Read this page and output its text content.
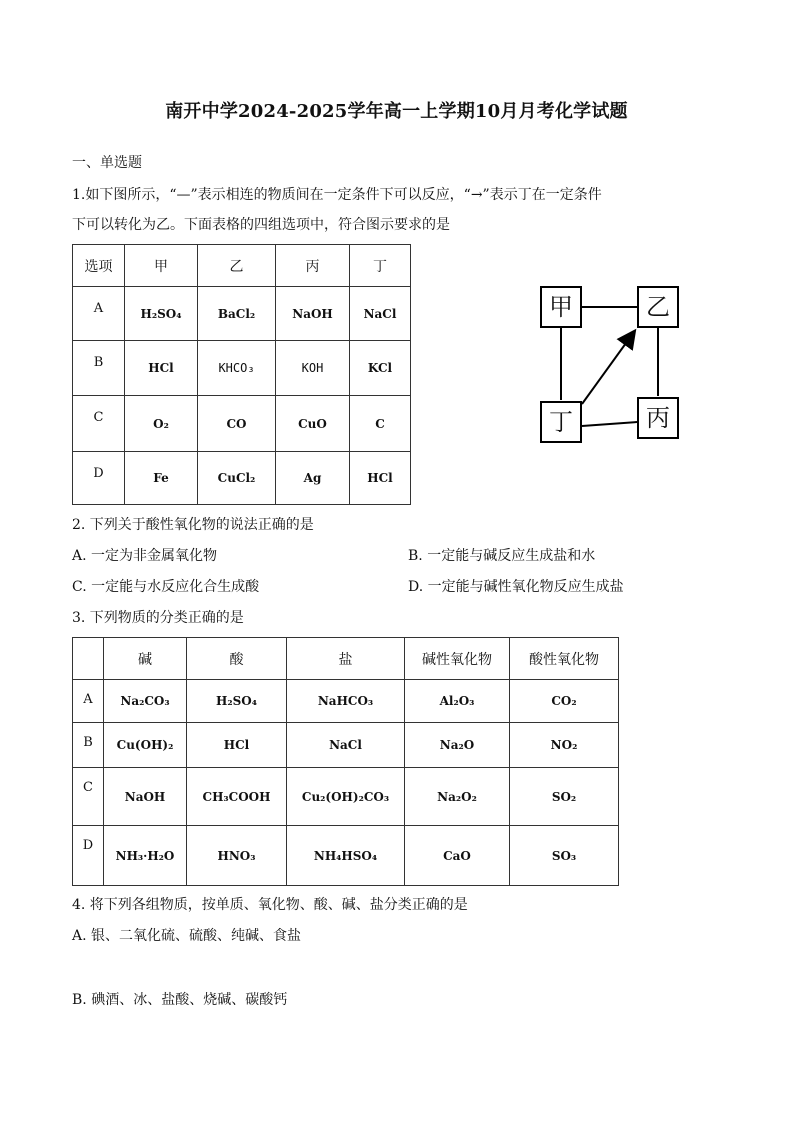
南开中学2024-2025学年高一上学期10月月考化学试题
一、单选题
1.如下图所示，“—”表示相连的物质间在一定条件下可以反应，“→”表示丁在一定条件
下可以转化为乙。下面表格的四组选项中，符合图示要求的是
选项	甲	乙	丙	丁
A	H₂SO₄	BaCl₂	NaOH	NaCl
B	HCl	KHCO₃	KOH	KCl
C	O₂	CO	CuO	C
D	Fe	CuCl₂	Ag	HCl
甲	乙
丁	丙
2. 下列关于酸性氧化物的说法正确的是
A. 一定为非金属氧化物	B. 一定能与碱反应生成盐和水
C. 一定能与水反应化合生成酸	D. 一定能与碱性氧化物反应生成盐
3. 下列物质的分类正确的是
	碱	酸	盐	碱性氧化物	酸性氧化物
A	Na₂CO₃	H₂SO₄	NaHCO₃	Al₂O₃	CO₂
B	Cu(OH)₂	HCl	NaCl	Na₂O	NO₂
C	NaOH	CH₃COOH	Cu₂(OH)₂CO₃	Na₂O₂	SO₂
D	NH₃·H₂O	HNO₃	NH₄HSO₄	CaO	SO₃
4. 将下列各组物质，按单质、氧化物、酸、碱、盐分类正确的是
A. 银、二氧化硫、硫酸、纯碱、食盐
B. 碘酒、冰、盐酸、烧碱、碳酸钙
